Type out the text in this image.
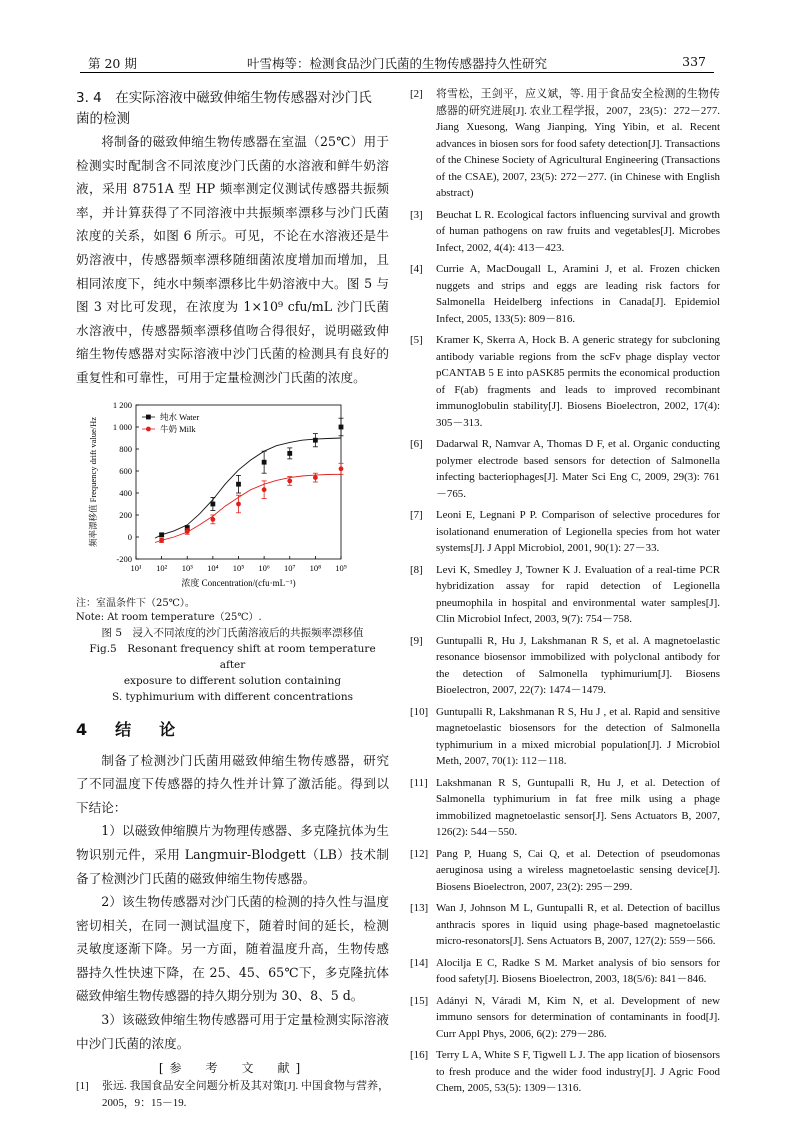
第 20 期	叶雪梅等：检测食品沙门氏菌的生物传感器持久性研究	337
3. 4　在实际溶液中磁致伸缩生物传感器对沙门氏
菌的检测

将制备的磁致伸缩生物传感器在室温（25℃）用于检测实时配制含不同浓度沙门氏菌的水溶液和鲜牛奶溶液，采用 8751A 型 HP 频率测定仪测试传感器共振频率，并计算获得了不同溶液中共振频率漂移与沙门氏菌浓度的关系，如图 6 所示。可见，不论在水溶液还是牛奶溶液中，传感器频率漂移随细菌浓度增加而增加，且相同浓度下，纯水中频率漂移比牛奶溶液中大。图 5 与图 3 对比可发现，在浓度为 1×10⁹ cfu/mL 沙门氏菌水溶液中，传感器频率漂移值吻合得很好，说明磁致伸缩生物传感器对实际溶液中沙门氏菌的检测具有良好的重复性和可靠性，可用于定量检测沙门氏菌的浓度。

-200
0
200
400
600
800
1 000
1 200
10¹ 10² 10³ 10⁴ 10⁵ 10⁶ 10⁷ 10⁸ 10⁹
浓度 Concentration/(cfu·mL⁻¹)
频率漂移值 Frequency drift value/Hz	纯水 Water
牛奶 Milk

注：室温条件下（25℃）。

Note: At room temperature（25℃）.

图 5　浸入不同浓度的沙门氏菌溶液后的共振频率漂移值

Fig.5　Resonant frequency shift at room temperature after

exposure to different solution containing

S. typhimurium with different concentrations

4　结　论

制备了检测沙门氏菌用磁致伸缩生物传感器，研究了不同温度下传感器的持久性并计算了激活能。得到以下结论：

1）以磁致伸缩膜片为物理传感器、多克隆抗体为生物识别元件，采用 Langmuir-Blodgett（LB）技术制备了检测沙门氏菌的磁致伸缩生物传感器。

2）该生物传感器对沙门氏菌的检测的持久性与温度密切相关，在同一测试温度下，随着时间的延长，检测灵敏度逐渐下降。另一方面，随着温度升高，生物传感器持久性快速下降，在 25、45、65℃下，多克隆抗体磁致伸缩生物传感器的持久期分别为 30、8、5 d。

3）该磁致伸缩生物传感器可用于定量检测实际溶液中沙门氏菌的浓度。

[参　考　文　献]

[1]	张远. 我国食品安全问题分析及其对策[J]. 中国食物与营养，2005，9：15－19.
[2]	将雪松，王剑平，应义斌，等. 用于食品安全检测的生物传感器的研究进展[J]. 农业工程学报，2007，23(5)：272－277. Jiang Xuesong, Wang Jianping, Ying Yibin, et al. Recent advances in biosen sors for food safety detection[J]. Transactions of the Chinese Society of Agricultural Engineering (Transactions of the CSAE), 2007, 23(5): 272－277. (in Chinese with English abstract)
[3]	Beuchat L R. Ecological factors influencing survival and growth of human pathogens on raw fruits and vegetables[J]. Microbes Infect, 2002, 4(4): 413－423.
[4]	Currie A, MacDougall L, Aramini J, et al. Frozen chicken nuggets and strips and eggs are leading risk factors for Salmonella Heidelberg infections in Canada[J]. Epidemiol Infect, 2005, 133(5): 809－816.
[5]	Kramer K, Skerra A, Hock B. A generic strategy for subcloning antibody variable regions from the scFv phage display vector pCANTAB 5 E into pASK85 permits the economical production of F(ab) fragments and leads to improved recombinant immunoglobulin stability[J]. Biosens Bioelectron, 2002, 17(4): 305－313.
[6]	Dadarwal R, Namvar A, Thomas D F, et al. Organic conducting polymer electrode based sensors for detection of Salmonella infecting bacteriophages[J]. Mater Sci Eng C, 2009, 29(3): 761－765.
[7]	Leoni E, Legnani P P. Comparison of selective procedures for isolationand enumeration of Legionella species from hot water systems[J]. J Appl Microbiol, 2001, 90(1): 27－33.
[8]	Levi K, Smedley J, Towner K J. Evaluation of a real-time PCR hybridization assay for rapid detection of Legionella pneumophila in hospital and environmental water samples[J]. Clin Microbiol Infect, 2003, 9(7): 754－758.
[9]	Guntupalli R, Hu J, Lakshmanan R S, et al. A magnetoelastic resonance biosensor immobilized with polyclonal antibody for the detection of Salmonella typhimurium[J]. Biosens Bioelectron, 2007, 22(7): 1474－1479.
[10] Guntupalli R, Lakshmanan R S, Hu J , et al. Rapid and sensitive magnetoelastic biosensors for the detection of Salmonella typhimurium in a mixed microbial population[J]. J Microbiol Meth, 2007, 70(1): 112－118.
[11] Lakshmanan R S, Guntupalli R, Hu J, et al. Detection of Salmonella typhimurium in fat free milk using a phage immobilized magnetoelastic sensor[J]. Sens Actuators B, 2007, 126(2): 544－550.
[12] Pang P, Huang S, Cai Q, et al. Detection of pseudomonas aeruginosa using a wireless magnetoelastic sensing device[J]. Biosens Bioelectron, 2007, 23(2): 295－299.
[13] Wan J, Johnson M L, Guntupalli R, et al. Detection of bacillus anthracis spores in liquid using phage-based magnetoelastic micro-resonators[J]. Sens Actuators B, 2007, 127(2): 559－566.
[14] Alocilja E C, Radke S M. Market analysis of bio sensors for food safety[J]. Biosens Bioelectron, 2003, 18(5/6): 841－846.
[15] Adányi N, Váradi M, Kim N, et al. Development of new immuno sensors for determination of contaminants in food[J]. Curr Appl Phys, 2006, 6(2): 279－286.
[16] Terry L A, White S F, Tigwell L J. The app lication of biosensors to fresh produce and the wider food industry[J]. J Agric Food Chem, 2005, 53(5): 1309－1316.
